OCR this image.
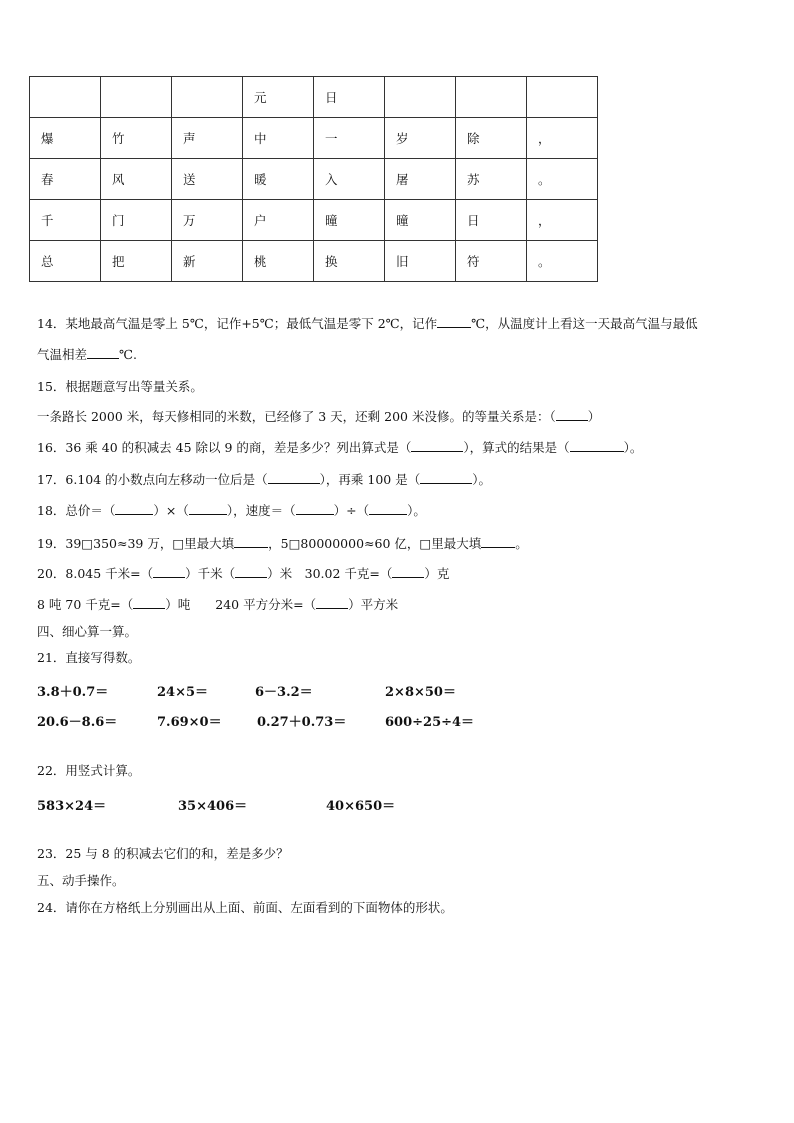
			元	日			
爆	竹	声	中	一	岁	除	，
春	风	送	暖	入	屠	苏	。
千	门	万	户	曈	曈	日	，
总	把	新	桃	换	旧	符	。
14．某地最高气温是零上 5℃，记作+5℃；最低气温是零下 2℃，记作	℃，从温度计上看这一天最高气温与最低
气温相差	℃.
15．根据题意写出等量关系。
一条路长 2000 米，每天修相同的米数，已经修了 3 天，还剩 200 米没修。的等量关系是：（	）
16．36 乘 40 的积减去 45 除以 9 的商，差是多少？列出算式是（	），算式的结果是（	）。
17．6.104 的小数点向左移动一位后是（	），再乘 100 是（	）。
18．总价＝（	）×（	），速度＝（	）÷（	）。
19．39□350≈39 万，□里最大填	，5□80000000≈60 亿，□里最大填	。
20．8.045 千米=（	）千米（	）米　30.02 千克=（	）克
8 吨 70 千克=（	）吨　　240 平方分米=（	）平方米
四、细心算一算。
21．直接写得数。
3.8＋0.7＝	24×5＝	6－3.2＝	2×8×50＝
20.6－8.6＝	7.69×0＝	0.27＋0.73＝	600÷25÷4＝
22．用竖式计算。
583×24＝	35×406＝	40×650＝
23．25 与 8 的积减去它们的和，差是多少？
五、动手操作。
24．请你在方格纸上分别画出从上面、前面、左面看到的下面物体的形状。
